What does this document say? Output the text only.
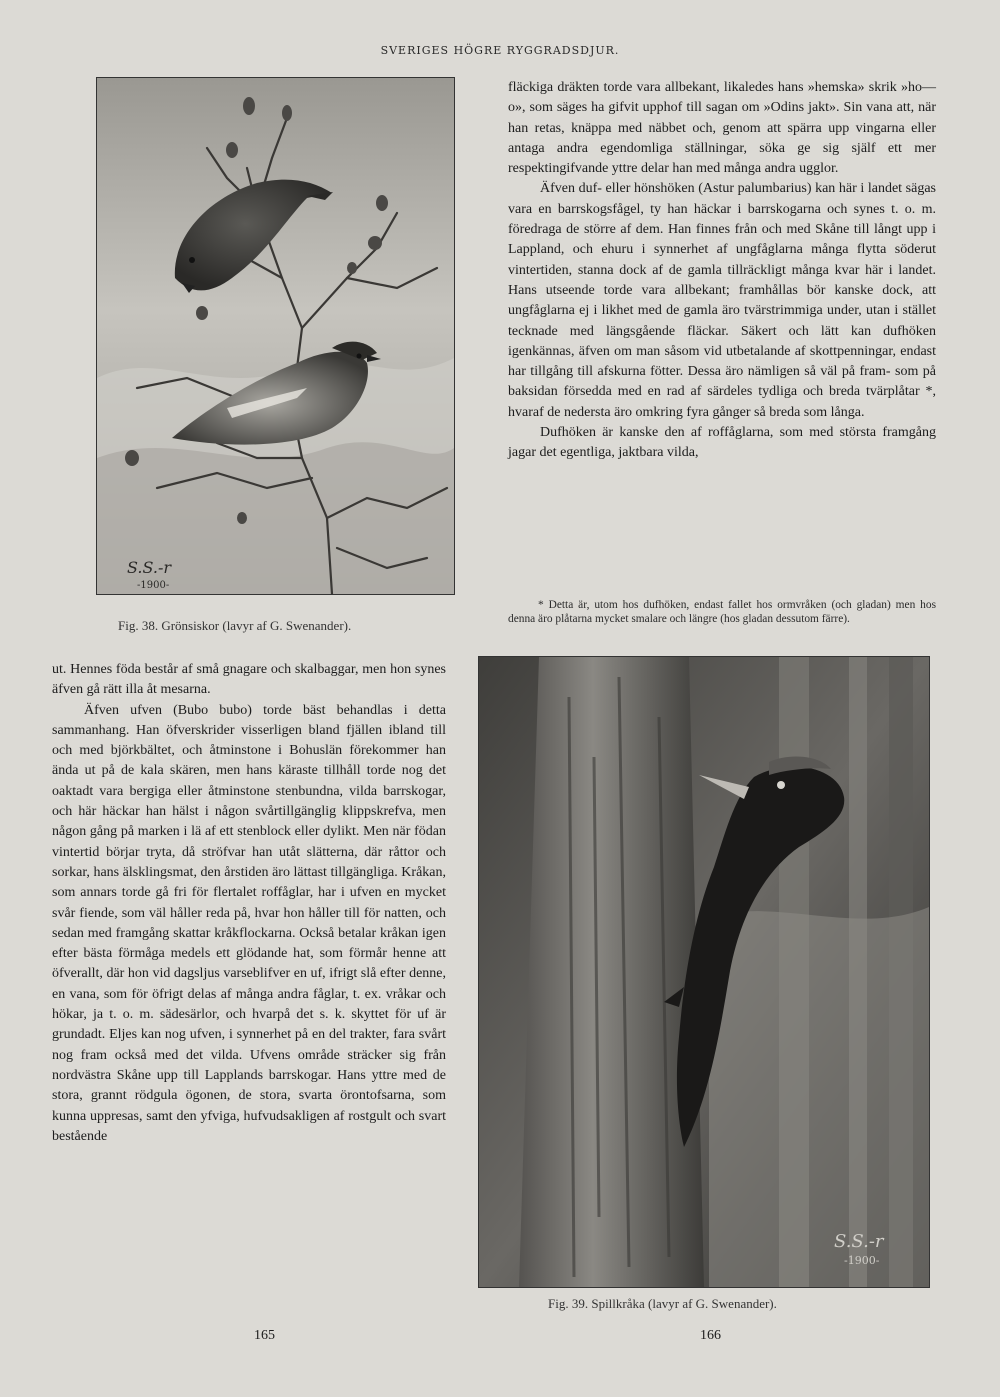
SVERIGES HÖGRE RYGGRADSDJUR.
S.S.-r
-1900-
Fig. 38. Grönsiskor (lavyr af G. Swenander).
S.S.-r
-1900-
Fig. 39. Spillkråka (lavyr af G. Swenander).

ut. Hennes föda består af små gnagare och skalbaggar, men hon synes äfven gå rätt illa åt mesarna.

Äfven ufven (Bubo bubo) torde bäst behandlas i detta sammanhang. Han öfverskrider visserligen bland fjällen ibland till och med björkbältet, och åtminstone i Bohuslän förekommer han ända ut på de kala skären, men hans käraste tillhåll torde nog det oaktadt vara bergiga eller åtminstone stenbundna, vilda barrskogar, och här häckar han hälst i någon svårtillgänglig klippskrefva, men någon gång på marken i lä af ett stenblock eller dylikt. Men när födan vintertid börjar tryta, då ströfvar han utåt slätterna, där råttor och sorkar, hans älsklingsmat, den årstiden äro lättast tillgängliga. Kråkan, som annars torde gå fri för flertalet roffåglar, har i ufven en mycket svår fiende, som väl håller reda på, hvar hon håller till för natten, och sedan med framgång skattar kråkflockarna. Också betalar kråkan igen efter bästa förmåga medels ett glödande hat, som förmår henne att öfverallt, där hon vid dagsljus varseblifver en uf, ifrigt slå efter denne, en vana, som för öfrigt delas af många andra fåglar, t. ex. vråkar och hökar, ja t. o. m. sädesärlor, och hvarpå det s. k. skyttet för uf är grundadt. Eljes kan nog ufven, i synnerhet på en del trakter, fara svårt nog fram också med det vilda. Ufvens område sträcker sig från nordvästra Skåne upp till Lapplands barrskogar. Hans yttre med de stora, grannt rödgula ögonen, de stora, svarta örontofsarna, som kunna uppresas, samt den yfviga, hufvudsakligen af rostgult och svart bestående

fläckiga dräkten torde vara allbekant, likaledes hans »hemska» skrik »ho—o», som säges ha gifvit upphof till sagan om »Odins jakt». Sin vana att, när han retas, knäppa med näbbet och, genom att spärra upp vingarna eller antaga andra egendomliga ställningar, söka ge sig själf ett mer respektingifvande yttre delar han med många andra ugglor.

Äfven duf- eller hönshöken (Astur palumbarius) kan här i landet sägas vara en barrskogsfågel, ty han häckar i barrskogarna och synes t. o. m. föredraga de större af dem. Han finnes från och med Skåne till långt upp i Lappland, och ehuru i synnerhet af ungfåglarna många flytta söderut vintertiden, stanna dock af de gamla tillräckligt många kvar här i landet. Hans utseende torde vara allbekant; framhållas bör kanske dock, att ungfåglarna ej i likhet med de gamla äro tvärstrimmiga under, utan i stället tecknade med längsgående fläckar. Säkert och lätt kan dufhöken igenkännas, äfven om man såsom vid utbetalande af skottpenningar, endast har tillgång till afskurna fötter. Dessa äro nämligen så väl på fram- som på baksidan försedda med en rad af särdeles tydliga och breda tvärplåtar *, hvaraf de nedersta äro omkring fyra gånger så breda som långa.

Dufhöken är kanske den af roffåglarna, som med största framgång jagar det egentliga, jaktbara vilda,

* Detta är, utom hos dufhöken, endast fallet hos ormvråken (och gladan) men hos denna äro plåtarna mycket smalare och längre (hos gladan dessutom färre).

165	166
